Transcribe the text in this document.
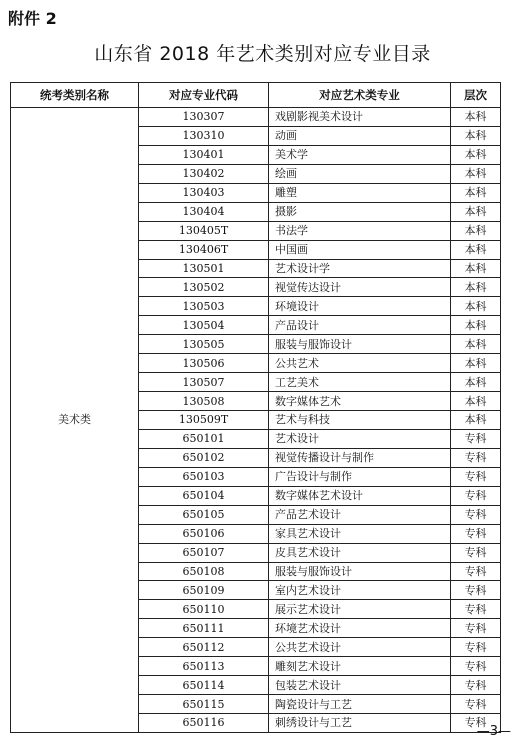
附件 2
山东省 2018 年艺术类别对应专业目录
统考类别名称	对应专业代码	对应艺术类专业	层次
美术类	130307	戏剧影视美术设计	本科
	130310	动画	本科
	130401	美术学	本科
	130402	绘画	本科
	130403	雕塑	本科
	130404	摄影	本科
	130405T	书法学	本科
	130406T	中国画	本科
	130501	艺术设计学	本科
	130502	视觉传达设计	本科
	130503	环境设计	本科
	130504	产品设计	本科
	130505	服装与服饰设计	本科
	130506	公共艺术	本科
	130507	工艺美术	本科
	130508	数字媒体艺术	本科
	130509T	艺术与科技	本科
	650101	艺术设计	专科
	650102	视觉传播设计与制作	专科
	650103	广告设计与制作	专科
	650104	数字媒体艺术设计	专科
	650105	产品艺术设计	专科
	650106	家具艺术设计	专科
	650107	皮具艺术设计	专科
	650108	服装与服饰设计	专科
	650109	室内艺术设计	专科
	650110	展示艺术设计	专科
	650111	环境艺术设计	专科
	650112	公共艺术设计	专科
	650113	雕刻艺术设计	专科
	650114	包装艺术设计	专科
	650115	陶瓷设计与工艺	专科
	650116	刺绣设计与工艺	专科
—3—
